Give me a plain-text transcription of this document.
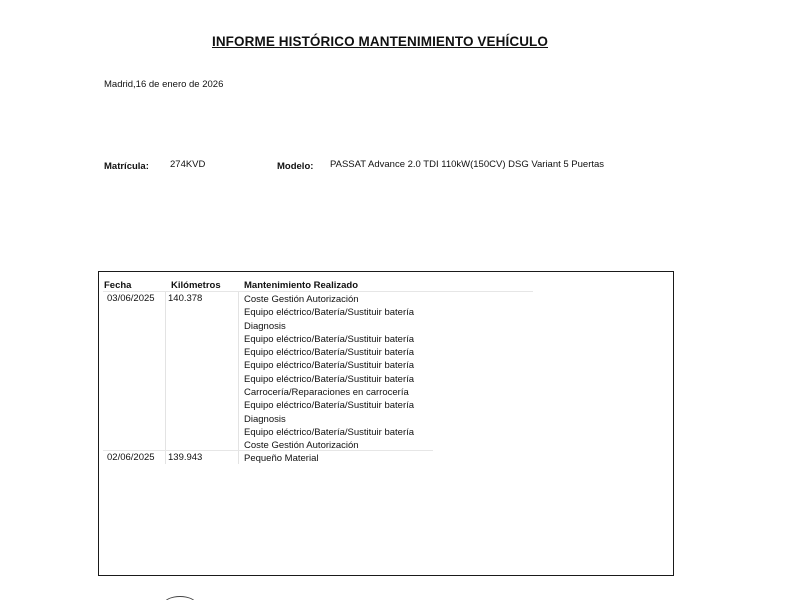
INFORME HISTÓRICO MANTENIMIENTO VEHÍCULO
Madrid,16 de enero de 2026
Matrícula: 274KVD	Modelo: PASSAT Advance 2.0 TDI 110kW(150CV) DSG Variant 5 Puertas
Fecha	Kilómetros Mantenimiento Realizado
03/06/2025 140.378	Coste Gestión Autorización
Equipo eléctrico/Batería/Sustituir batería
Diagnosis
Equipo eléctrico/Batería/Sustituir batería
Equipo eléctrico/Batería/Sustituir batería
Equipo eléctrico/Batería/Sustituir batería
Equipo eléctrico/Batería/Sustituir batería
Carrocería/Reparaciones en carrocería
Equipo eléctrico/Batería/Sustituir batería
Diagnosis
Equipo eléctrico/Batería/Sustituir batería
Coste Gestión Autorización
02/06/2025 139.943	Pequeño Material
